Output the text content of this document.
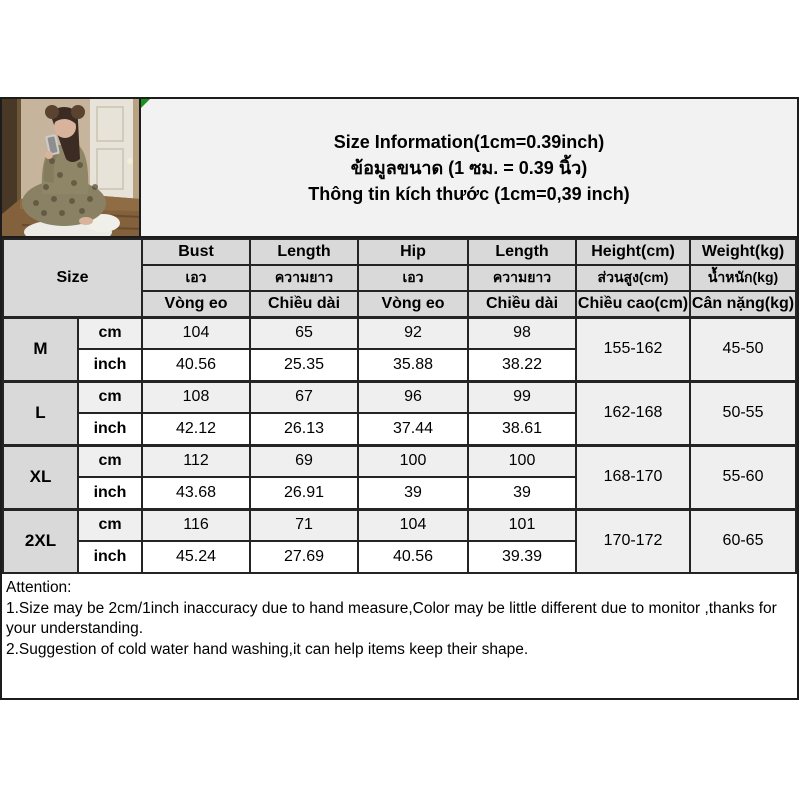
Size Information(1cm=0.39inch)
ข้อมูลขนาด (1 ซม. = 0.39 นิ้ว)
Thông tin kích thước (1cm=0,39 inch)
Size		Bust	Length	Hip	Length	Height(cm)	Weight(kg)
		เอว	ความยาว	เอว	ความยาว	ส่วนสูง(cm)	น้ำหนัก(kg)
		Vòng eo	Chiều dài	Vòng eo	Chiều dài	Chiều cao(cm)	Cân nặng(kg)
M	cm	104	65	92	98	155-162	45-50
	inch	40.56	25.35	35.88	38.22		
L	cm	108	67	96	99	162-168	50-55
	inch	42.12	26.13	37.44	38.61		
XL	cm	112	69	100	100	168-170	55-60
	inch	43.68	26.91	39	39		
2XL	cm	116	71	104	101	170-172	60-65
	inch	45.24	27.69	40.56	39.39		
Attention:
1.Size may be 2cm/1inch inaccuracy due to hand measure,Color may be little different due to monitor ,thanks for your understanding.
2.Suggestion of cold water hand washing,it can help items keep their shape.
